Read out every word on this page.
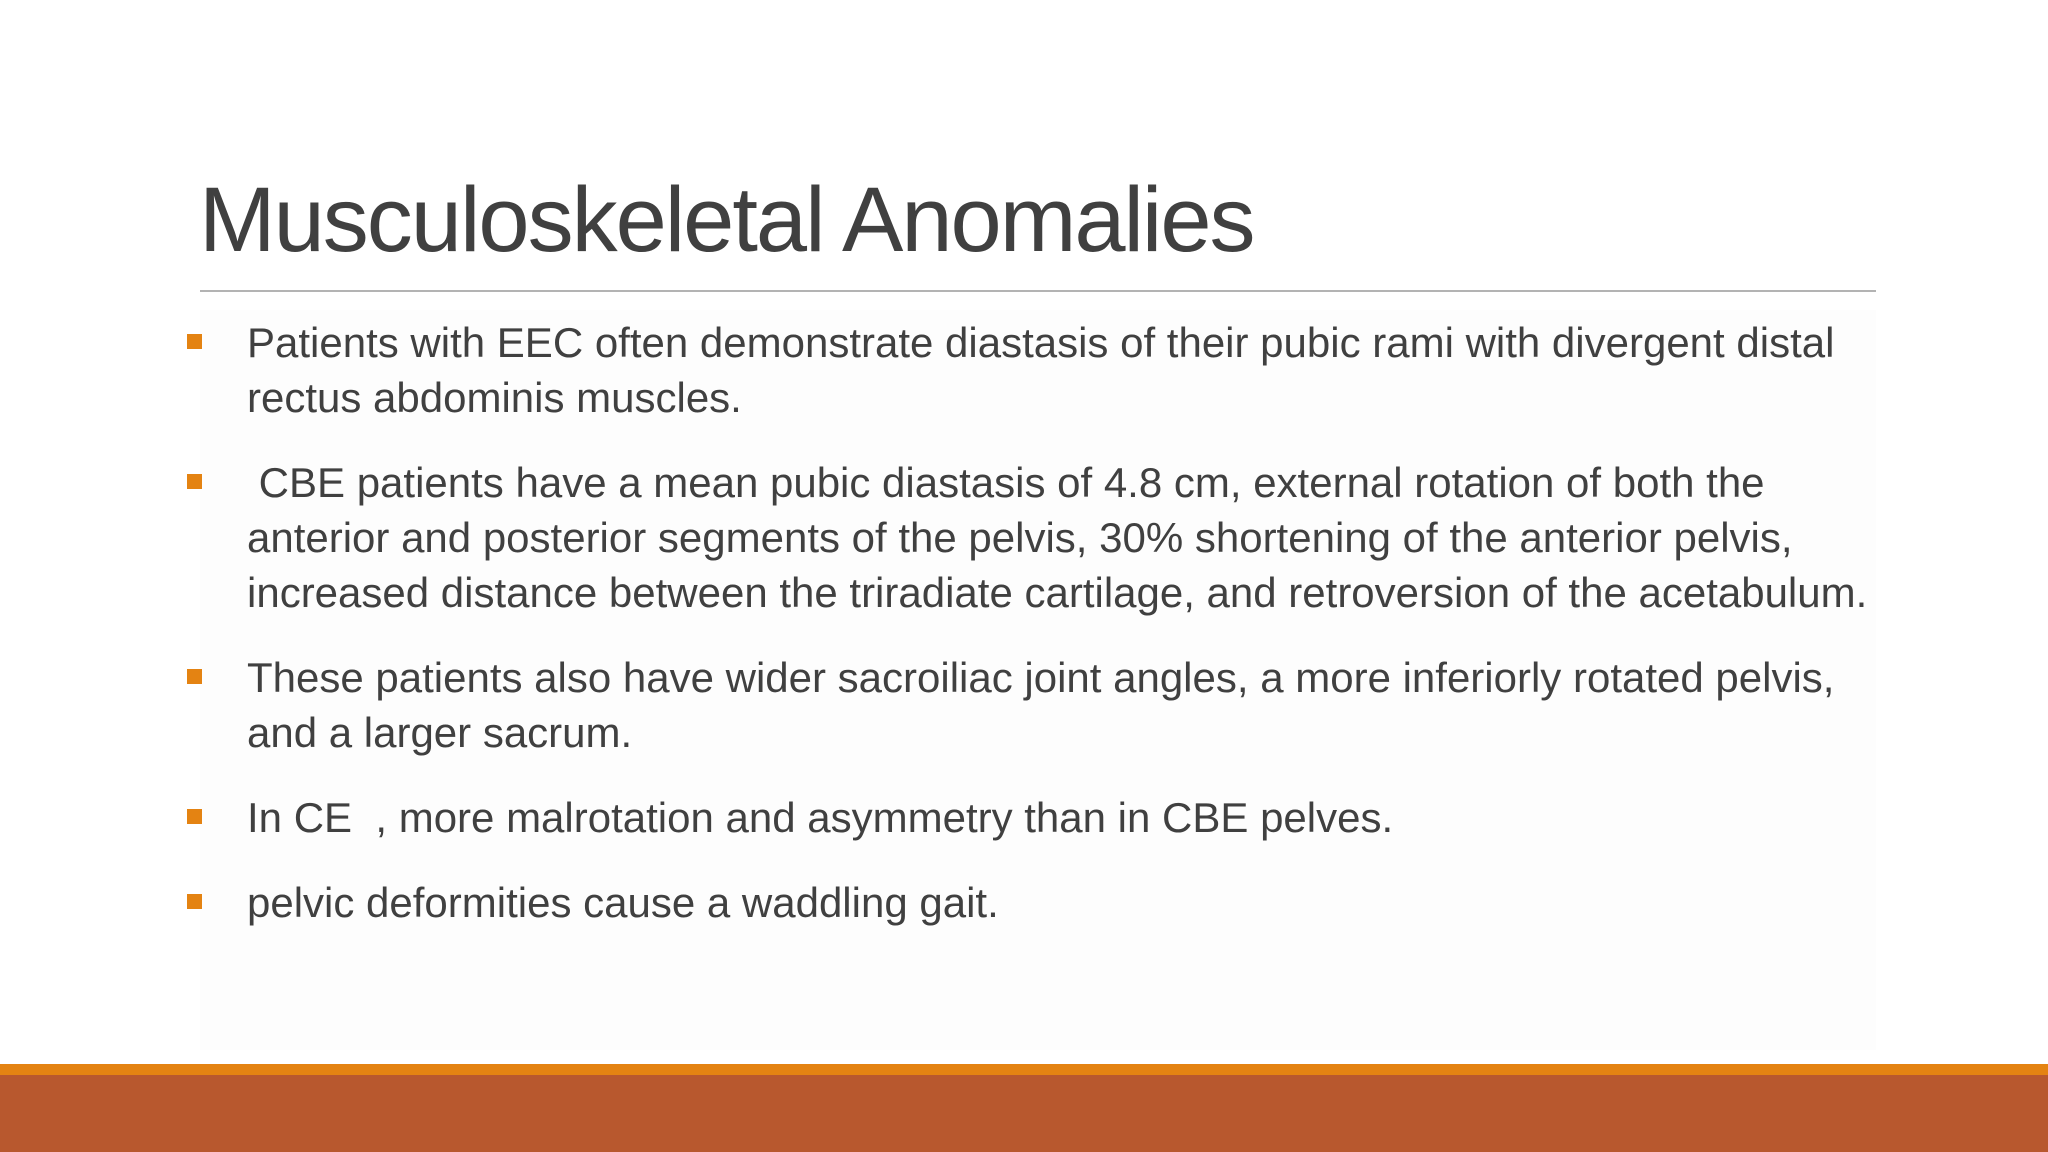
Musculoskeletal Anomalies
Patients with EEC often demonstrate diastasis of their pubic rami with divergent distal rectus abdominis muscles.
CBE patients have a mean pubic diastasis of 4.8 cm, external rotation of both the anterior and posterior segments of the pelvis, 30% shortening of the anterior pelvis, increased distance between the triradiate cartilage, and retroversion of the acetabulum.
These patients also have wider sacroiliac joint angles, a more inferiorly rotated pelvis, and a larger sacrum.
In CE  , more malrotation and asymmetry than in CBE pelves.
pelvic deformities cause a waddling gait.
